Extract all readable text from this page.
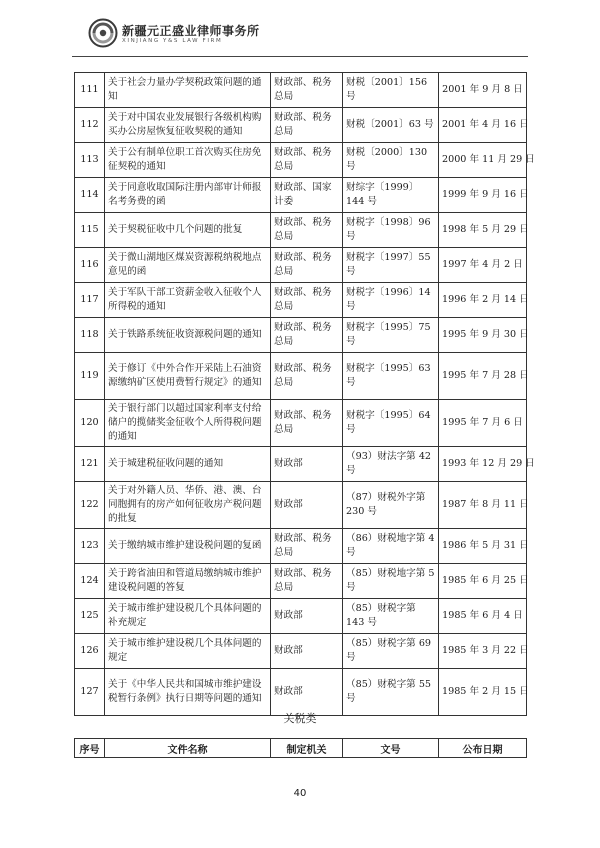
新疆元正盛业律师事务所
XINJIANG Y&S LAW FIRM
111	关于社会力量办学契税政策问题的通知	财政部、税务总局	财税〔2001〕156 号	2001 年 9 月 8 日
112	关于对中国农业发展银行各级机构购买办公房屋恢复征收契税的通知	财政部、税务总局	财税〔2001〕63 号	2001 年 4 月 16 日
113	关于公有制单位职工首次购买住房免征契税的通知	财政部、税务总局	财税〔2000〕130 号	2000 年 11 月 29 日
114	关于同意收取国际注册内部审计师报名考务费的函	财政部、国家计委	财综字〔1999〕144 号	1999 年 9 月 16 日
115	关于契税征收中几个问题的批复	财政部、税务总局	财税字〔1998〕96 号	1998 年 5 月 29 日
116	关于微山湖地区煤炭资源税纳税地点意见的函	财政部、税务总局	财税字〔1997〕55 号	1997 年 4 月 2 日
117	关于军队干部工资薪金收入征收个人所得税的通知	财政部、税务总局	财税字〔1996〕14 号	1996 年 2 月 14 日
118	关于铁路系统征收资源税问题的通知	财政部、税务总局	财税字〔1995〕75 号	1995 年 9 月 30 日
119	关于修订《中外合作开采陆上石油资源缴纳矿区使用费暂行规定》的通知	财政部、税务总局	财税字〔1995〕63 号	1995 年 7 月 28 日
120	关于银行部门以超过国家利率支付给储户的揽储奖金征收个人所得税问题的通知	财政部、税务总局	财税字〔1995〕64 号	1995 年 7 月 6 日
121	关于城建税征收问题的通知	财政部	（93）财法字第 42 号	1993 年 12 月 29 日
122	关于对外籍人员、华侨、港、澳、台同胞拥有的房产如何征收房产税问题的批复	财政部	（87）财税外字第 230 号	1987 年 8 月 11 日
123	关于缴纳城市维护建设税问题的复函	财政部、税务总局	（86）财税地字第 4 号	1986 年 5 月 31 日
124	关于跨省油田和管道局缴纳城市维护建设税问题的答复	财政部、税务总局	（85）财税地字第 5 号	1985 年 6 月 25 日
125	关于城市维护建设税几个具体问题的补充规定	财政部	（85）财税字第 143 号	1985 年 6 月 4 日
126	关于城市维护建设税几个具体问题的规定	财政部	（85）财税字第 69 号	1985 年 3 月 22 日
127	关于《中华人民共和国城市维护建设税暂行条例》执行日期等问题的通知	财政部	（85）财税字第 55 号	1985 年 2 月 15 日
关税类
序号	文件名称	制定机关	文号	公布日期
40
